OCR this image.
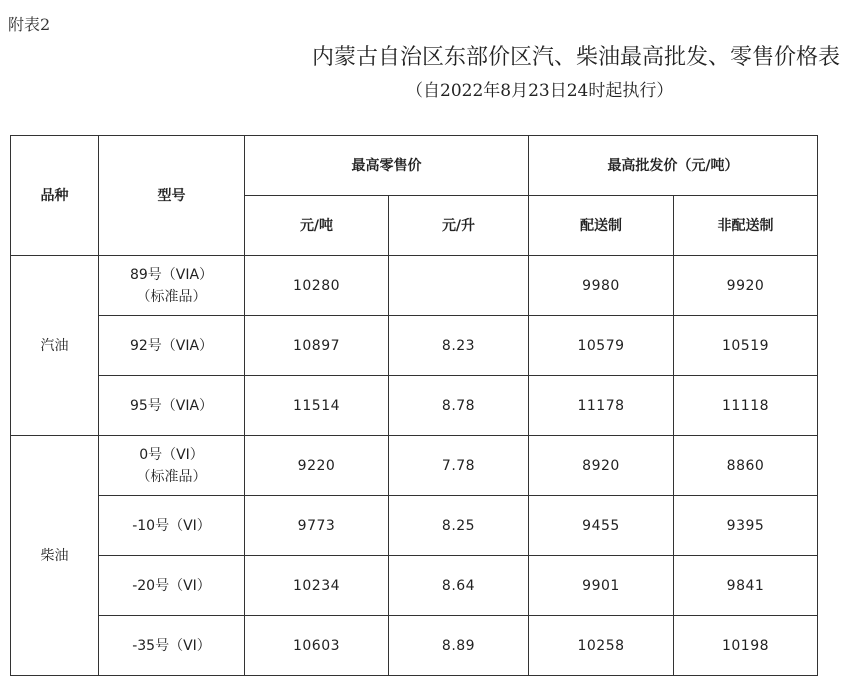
附表2
内蒙古自治区东部价区汽、柴油最高批发、零售价格表
（自2022年8月23日24时起执行）
品种	型号	最高零售价		最高批发价（元/吨）	
		元/吨	元/升	配送制	非配送制
汽油	89号（VIA）
（标准品）	10280		9980	9920
	92号（VIA）	10897	8.23	10579	10519
	95号（VIA）	11514	8.78	11178	11118
柴油	0号（VI）
（标准品）	9220	7.78	8920	8860
	-10号（VI）	9773	8.25	9455	9395
	-20号（VI）	10234	8.64	9901	9841
	-35号（VI）	10603	8.89	10258	10198
